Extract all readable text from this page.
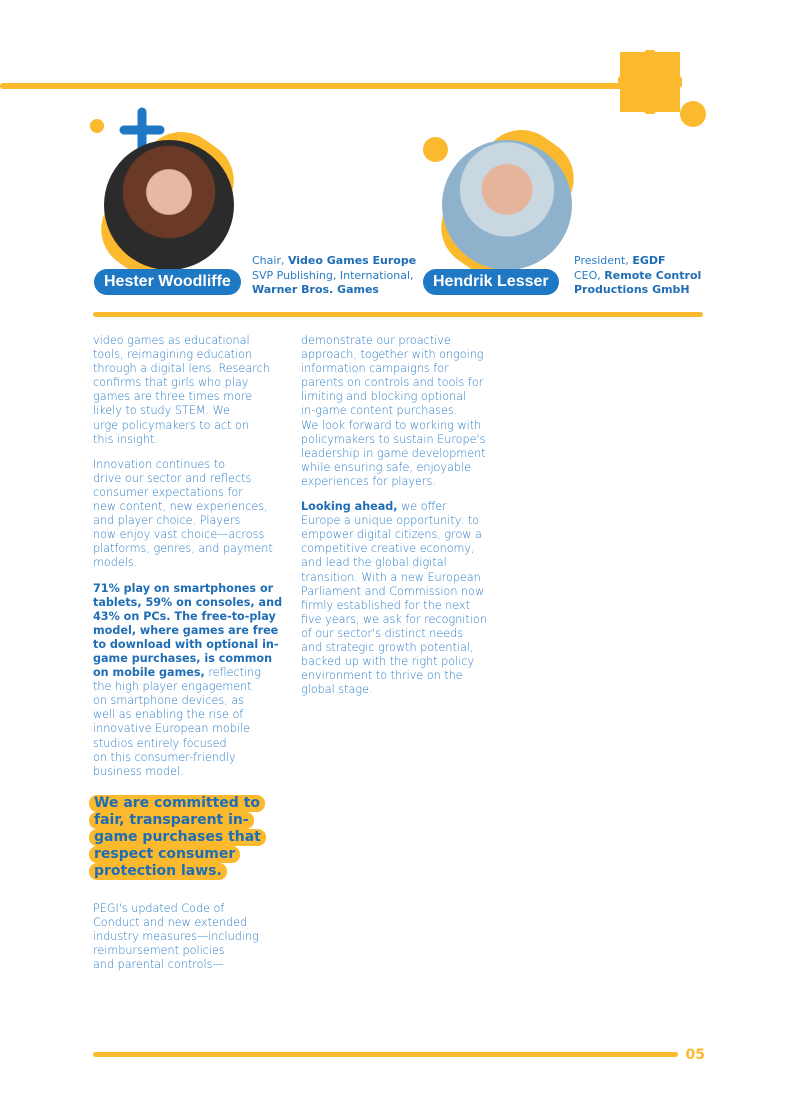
Hester Woodliffe
Chair, Video Games Europe
SVP Publishing, International,
Warner Bros. Games	Hendrik Lesser
President, EGDF
CEO, Remote Control
Productions GmbH

video games as educational
tools, reimagining education
through a digital lens. Research
confirms that girls who play
games are three times more
likely to study STEM. We
urge policymakers to act on
this insight.

Innovation continues to
drive our sector and reflects
consumer expectations for
new content, new experiences,
and player choice. Players
now enjoy vast choice—across
platforms, genres, and payment
models.

71% play on smartphones or
tablets, 59% on consoles, and
43% on PCs. The free-to-play
model, where games are free
to download with optional in-
game purchases, is common
on mobile games, reflecting
the high player engagement
on smartphone devices, as
well as enabling the rise of
innovative European mobile
studios entirely focused
on this consumer-friendly
business model.

We are committed to
fair, transparent in-
game purchases that
respect consumer
protection laws.

PEGI's updated Code of
Conduct and new extended
industry measures—including
reimbursement policies
and parental controls—

demonstrate our proactive
approach, together with ongoing
information campaigns for
parents on controls and tools for
limiting and blocking optional
in-game content purchases.
We look forward to working with
policymakers to sustain Europe's
leadership in game development
while ensuring safe, enjoyable
experiences for players.

Looking ahead, we offer
Europe a unique opportunity: to
empower digital citizens, grow a
competitive creative economy,
and lead the global digital
transition. With a new European
Parliament and Commission now
firmly established for the next
five years, we ask for recognition
of our sector's distinct needs
and strategic growth potential,
backed up with the right policy
environment to thrive on the
global stage.

05
